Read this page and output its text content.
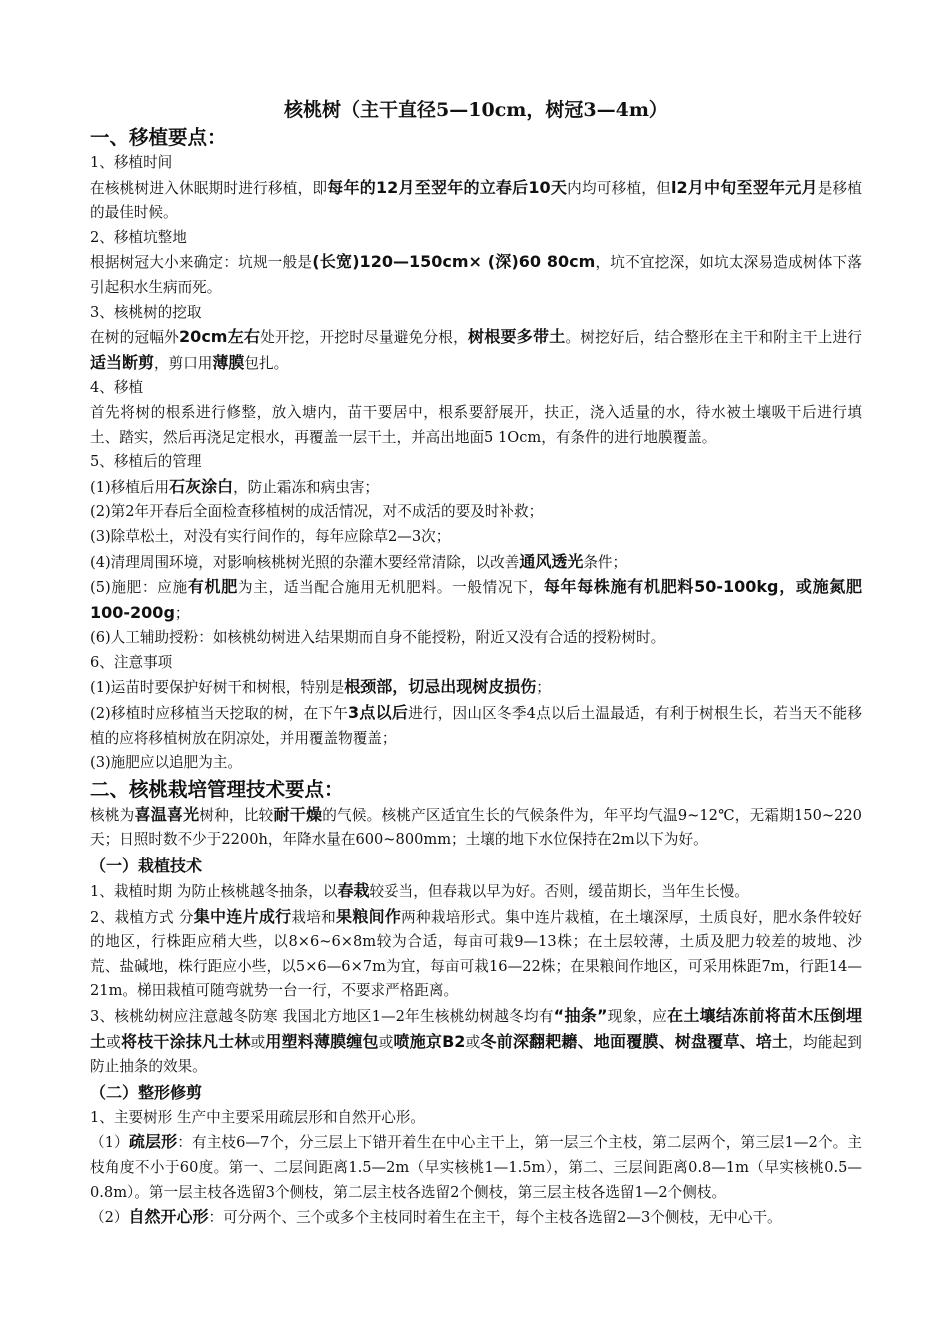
核桃树（主干直径5—10cm，树冠3—4m）
一、移植要点：
1、移植时间
在核桃树进入休眠期时进行移植，即每年的12月至翌年的立春后10天内均可移植，但l2月中旬至翌年元月是移植的最佳时候。
2、移植坑整地
根据树冠大小来确定：坑规一般是(长宽)120—150cm× (深)60 80cm，坑不宜挖深，如坑太深易造成树体下落引起积水生病而死。
3、核桃树的挖取
在树的冠幅外20cm左右处开挖，开挖时尽量避免分根，树根要多带土。树挖好后，结合整形在主干和附主干上进行适当断剪，剪口用薄膜包扎。
4、移植
首先将树的根系进行修整，放入塘内，苗干要居中，根系要舒展开，扶正，浇入适量的水，待水被土壤吸干后进行填土、踏实，然后再浇足定根水，再覆盖一层干土，并高出地面5 1Ocm，有条件的进行地膜覆盖。
5、移植后的管理
(1)移植后用石灰涂白，防止霜冻和病虫害；
(2)第2年开春后全面检查移植树的成活情况，对不成活的要及时补救；
(3)除草松土，对没有实行间作的，每年应除草2—3次；
(4)清理周围环境，对影响核桃树光照的杂灌木要经常清除，以改善通风透光条件；
(5)施肥：应施有机肥为主，适当配合施用无机肥料。一般情况下，每年每株施有机肥料50-100kg，或施氮肥100-200g；
(6)人工辅助授粉：如核桃幼树进入结果期而自身不能授粉，附近又没有合适的授粉树时。
6、注意事项
(1)运苗时要保护好树干和树根，特别是根颈部，切忌出现树皮损伤；
(2)移植时应移植当天挖取的树，在下午3点以后进行，因山区冬季4点以后土温最适，有利于树根生长，若当天不能移植的应将移植树放在阴凉处，并用覆盖物覆盖；
(3)施肥应以追肥为主。
二、核桃栽培管理技术要点：
核桃为喜温喜光树种，比较耐干燥的气候。核桃产区适宜生长的气候条件为，年平均气温9~12℃，无霜期150~220天；日照时数不少于2200h，年降水量在600~800mm；土壤的地下水位保持在2m以下为好。
（一）栽植技术
1、栽植时期 为防止核桃越冬抽条，以春栽较妥当，但春栽以早为好。否则，缓苗期长，当年生长慢。
2、栽植方式 分集中连片成行栽培和果粮间作两种栽培形式。集中连片栽植，在土壤深厚，土质良好，肥水条件较好的地区，行株距应稍大些，以8×6~6×8m较为合适，每亩可栽9—13株；在土层较薄，土质及肥力较差的坡地、沙荒、盐碱地，株行距应小些，以5×6—6×7m为宜，每亩可栽16—22株；在果粮间作地区，可采用株距7m，行距14—21m。梯田栽植可随弯就势一台一行，不要求严格距离。
3、核桃幼树应注意越冬防寒 我国北方地区1—2年生核桃幼树越冬均有“抽条”现象，应在土壤结冻前将苗木压倒埋土或将枝干涂抹凡士林或用塑料薄膜缠包或喷施京B2或冬前深翻耙耱、地面覆膜、树盘覆草、培土，均能起到防止抽条的效果。
（二）整形修剪
1、主要树形 生产中主要采用疏层形和自然开心形。
（1）疏层形：有主枝6—7个，分三层上下错开着生在中心主干上，第一层三个主枝，第二层两个，第三层1—2个。主枝角度不小于60度。第一、二层间距离1.5—2m（早实核桃1—1.5m），第二、三层间距离0.8—1m（早实核桃0.5—0.8m）。第一层主枝各选留3个侧枝，第二层主枝各选留2个侧枝，第三层主枝各选留1—2个侧枝。
（2）自然开心形：可分两个、三个或多个主枝同时着生在主干，每个主枝各选留2—3个侧枝，无中心干。
